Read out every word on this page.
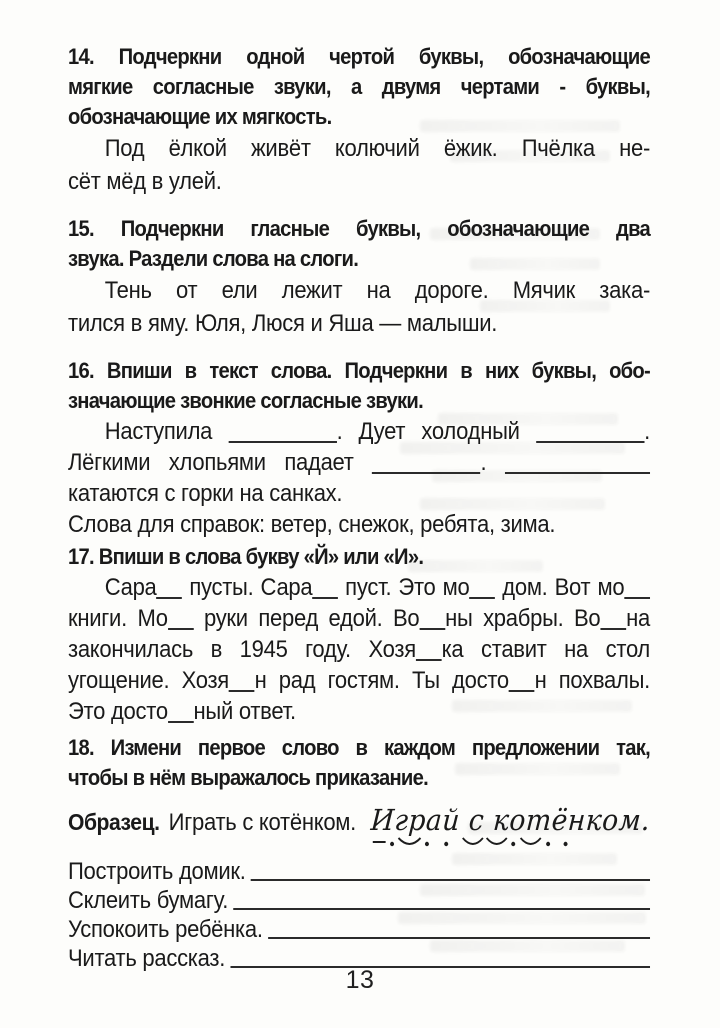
14. Подчеркни одной чертой буквы, обозначающие
мягкие согласные звуки, а двумя чертами - буквы,
обозначающие их мягкость.
Под ёлкой живёт колючий ёжик. Пчёлка не-
сёт мёд в улей.
15. Подчеркни гласные буквы, обозначающие два
звука. Раздели слова на слоги.
Тень от ели лежит на дороге. Мячик зака-
тился в яму. Юля, Люся и Яша — малыши.
16. Впиши в текст слова. Подчеркни в них буквы, обо-
значающие звонкие согласные звуки.
Наступила	. Дует холодный	.
Лёгкими хлопьями падает	.
катаются с горки на санках.
Слова для справок: ветер, снежок, ребята, зима.
17. Впиши в слова букву «Й» или «И».
Сара пусты. Сара пуст. Это мо дом. Вот мо
книги. Мо руки перед едой. Во ны храбры. Во на
закончилась в 1945 году. Хозя ка ставит на стол
угощение. Хозя н рад гостям. Ты досто н похвалы.
Это досто ный ответ.
18. Измени первое слово в каждом предложении так,
чтобы в нём выражалось приказание.
Образец. Играть с котёнком. Играй с котёнком.
Построить домик.
Склеить бумагу.
Успокоить ребёнка.
Читать рассказ.
13
